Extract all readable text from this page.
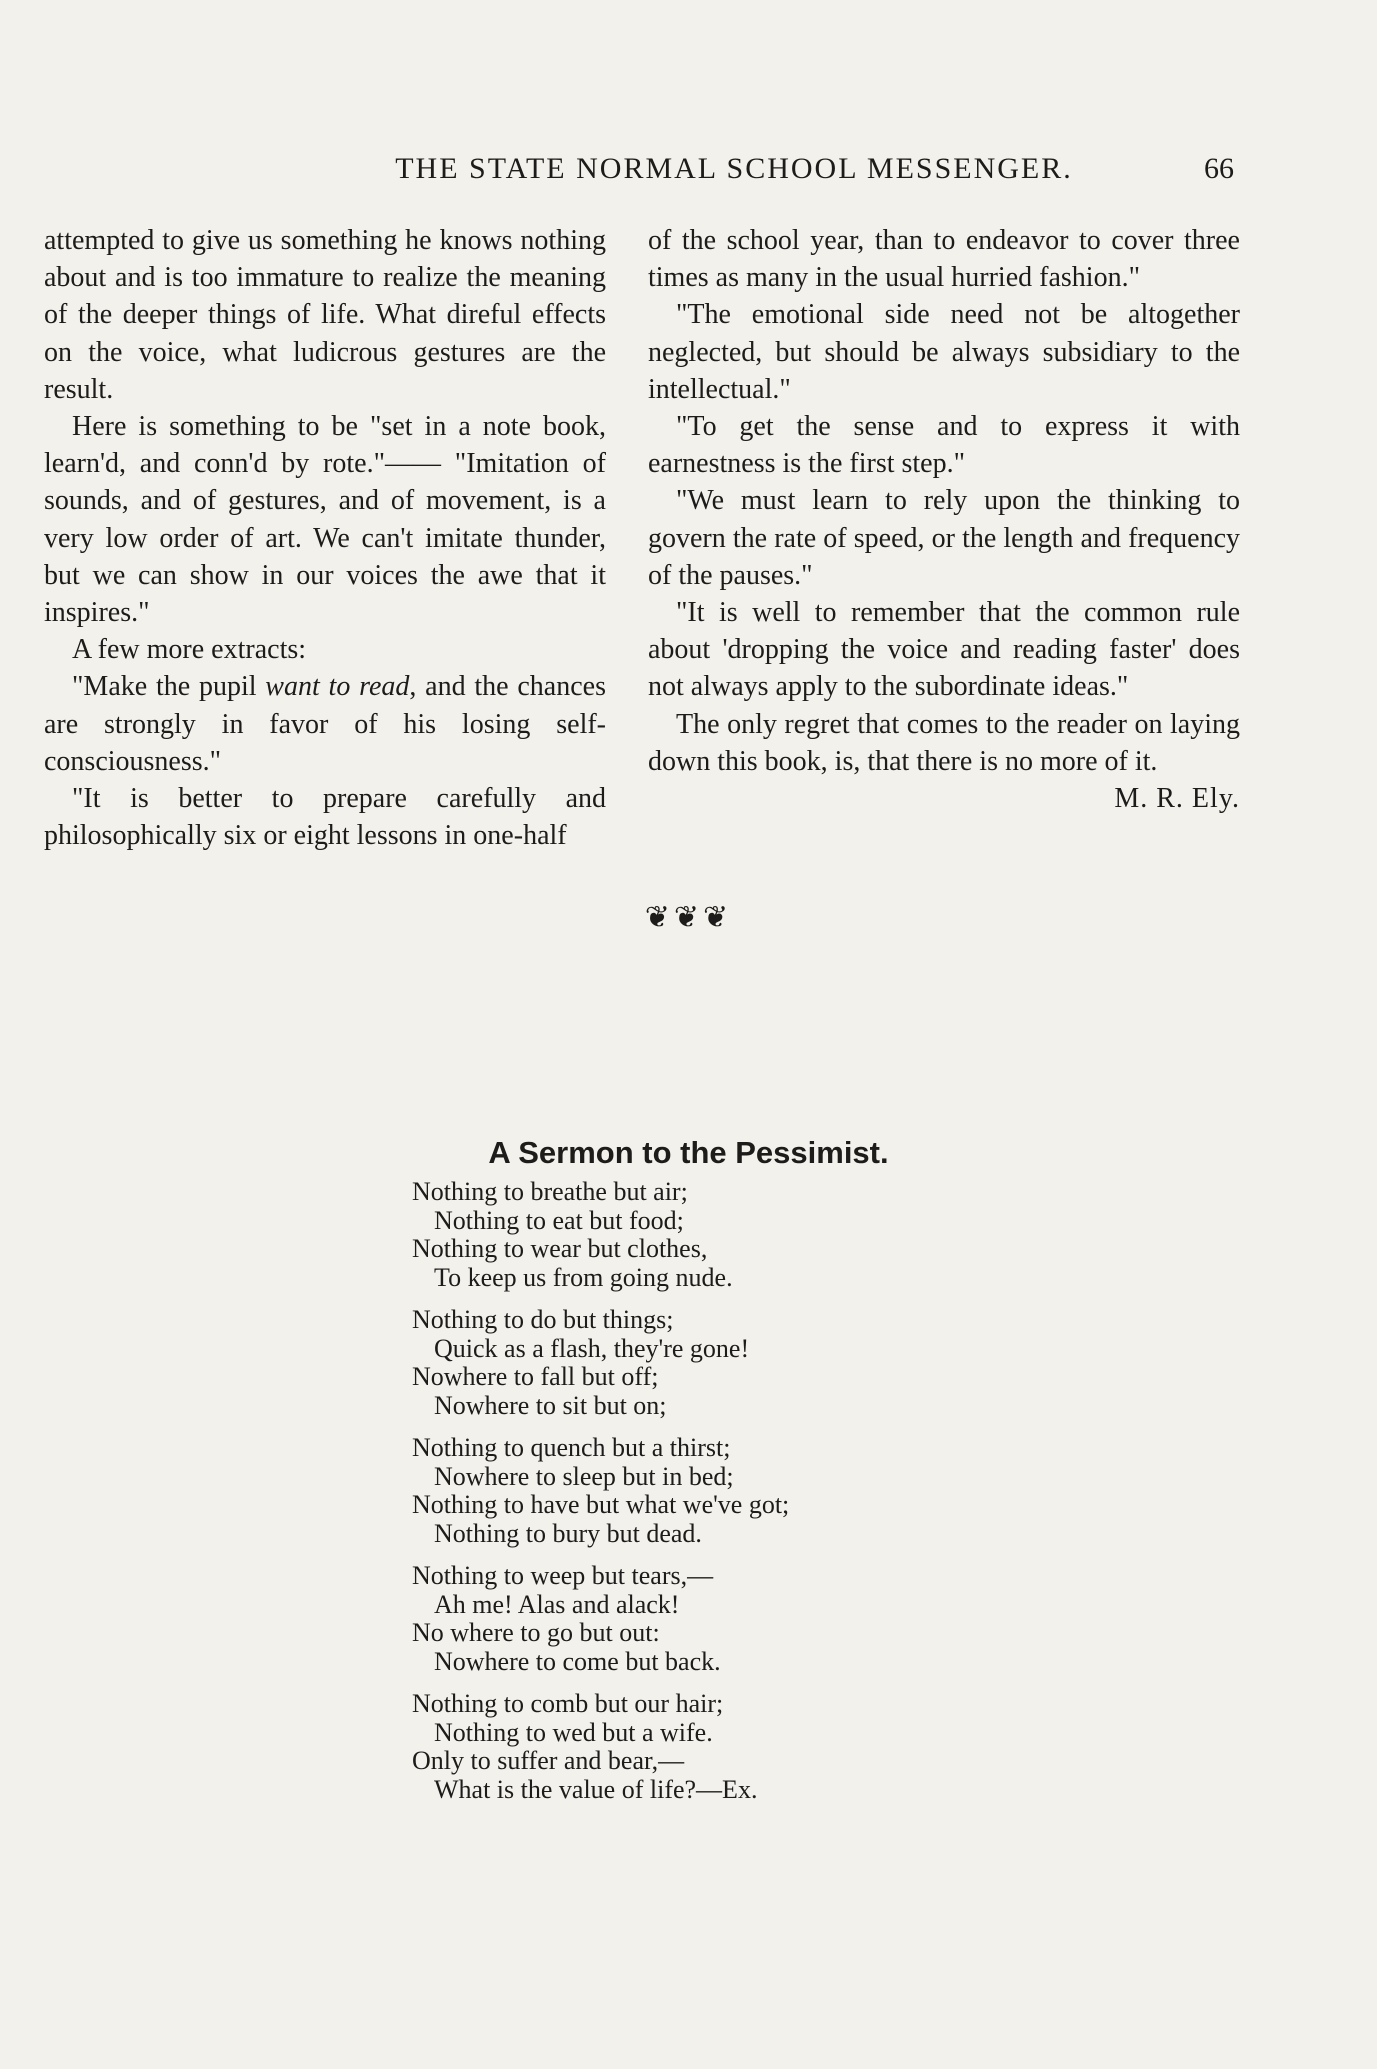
THE STATE NORMAL SCHOOL MESSENGER.	66

attempted to give us something he knows nothing about and is too immature to realize the meaning of the deeper things of life. What direful effects on the voice, what ludicrous gestures are the result.

Here is something to be "set in a note book, learn'd, and conn'd by rote."—— "Imitation of sounds, and of gestures, and of movement, is a very low order of art. We can't imitate thunder, but we can show in our voices the awe that it inspires."

A few more extracts:

"Make the pupil want to read, and the chances are strongly in favor of his losing self-consciousness."

"It is better to prepare carefully and philosophically six or eight lessons in one-half

of the school year, than to endeavor to cover three times as many in the usual hurried fashion."

"The emotional side need not be altogether neglected, but should be always subsidiary to the intellectual."

"To get the sense and to express it with earnestness is the first step."

"We must learn to rely upon the thinking to govern the rate of speed, or the length and frequency of the pauses."

"It is well to remember that the common rule about 'dropping the voice and reading faster' does not always apply to the subordinate ideas."

The only regret that comes to the reader on laying down this book, is, that there is no more of it.

M. R. Ely.

❦❦❦
A Sermon to the Pessimist.
Nothing to breathe but air;
Nothing to eat but food;
Nothing to wear but clothes,
To keep us from going nude.
Nothing to do but things;
Quick as a flash, they're gone!
Nowhere to fall but off;
Nowhere to sit but on;
Nothing to quench but a thirst;
Nowhere to sleep but in bed;
Nothing to have but what we've got;
Nothing to bury but dead.
Nothing to weep but tears,—
Ah me! Alas and alack!
No where to go but out:
Nowhere to come but back.
Nothing to comb but our hair;
Nothing to wed but a wife.
Only to suffer and bear,—
What is the value of life?—Ex.
